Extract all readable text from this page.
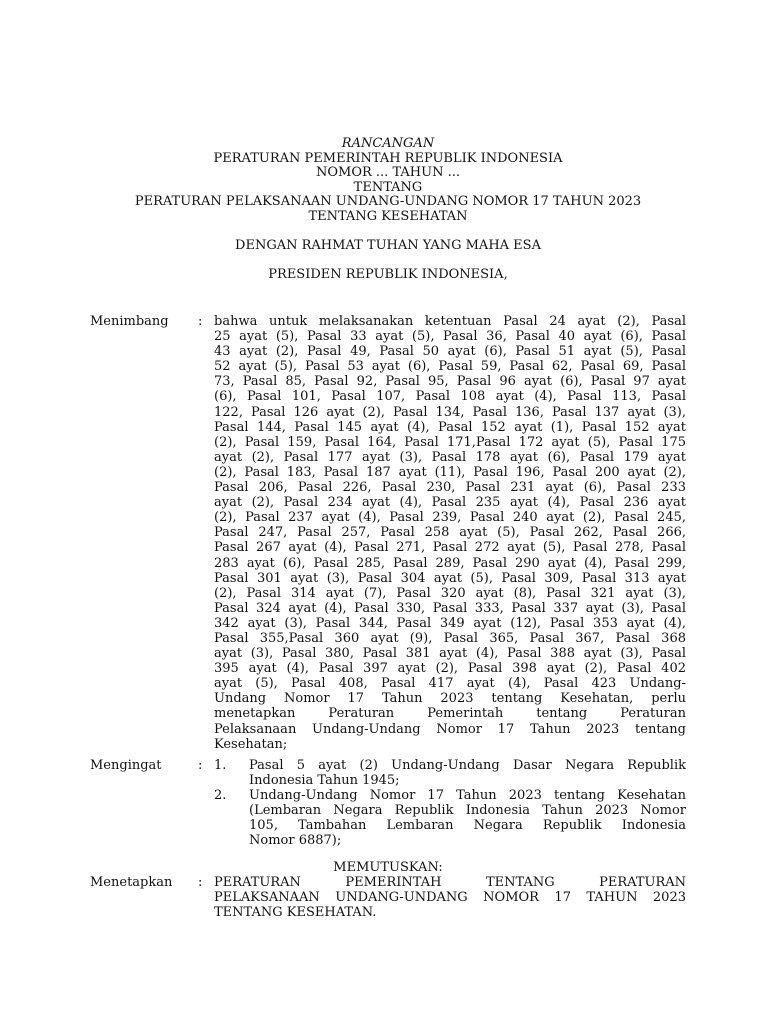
RANCANGAN
PERATURAN PEMERINTAH REPUBLIK INDONESIA
NOMOR ... TAHUN ...
TENTANG
PERATURAN PELAKSANAAN UNDANG-UNDANG NOMOR 17 TAHUN 2023
TENTANG KESEHATAN
DENGAN RAHMAT TUHAN YANG MAHA ESA
PRESIDEN REPUBLIK INDONESIA,
Menimbang : bahwa untuk melaksanakan ketentuan Pasal 24 ayat (2), Pasal
25 ayat (5), Pasal 33 ayat (5), Pasal 36, Pasal 40 ayat (6), Pasal
43 ayat (2), Pasal 49, Pasal 50 ayat (6), Pasal 51 ayat (5), Pasal
52 ayat (5), Pasal 53 ayat (6), Pasal 59, Pasal 62, Pasal 69, Pasal
73, Pasal 85, Pasal 92, Pasal 95, Pasal 96 ayat (6), Pasal 97 ayat
(6), Pasal 101, Pasal 107, Pasal 108 ayat (4), Pasal 113, Pasal
122, Pasal 126 ayat (2), Pasal 134, Pasal 136, Pasal 137 ayat (3),
Pasal 144, Pasal 145 ayat (4), Pasal 152 ayat (1), Pasal 152 ayat
(2), Pasal 159, Pasal 164, Pasal 171,Pasal 172 ayat (5), Pasal 175
ayat (2), Pasal 177 ayat (3), Pasal 178 ayat (6), Pasal 179 ayat
(2), Pasal 183, Pasal 187 ayat (11), Pasal 196, Pasal 200 ayat (2),
Pasal 206, Pasal 226, Pasal 230, Pasal 231 ayat (6), Pasal 233
ayat (2), Pasal 234 ayat (4), Pasal 235 ayat (4), Pasal 236 ayat
(2), Pasal 237 ayat (4), Pasal 239, Pasal 240 ayat (2), Pasal 245,
Pasal 247, Pasal 257, Pasal 258 ayat (5), Pasal 262, Pasal 266,
Pasal 267 ayat (4), Pasal 271, Pasal 272 ayat (5), Pasal 278, Pasal
283 ayat (6), Pasal 285, Pasal 289, Pasal 290 ayat (4), Pasal 299,
Pasal 301 ayat (3), Pasal 304 ayat (5), Pasal 309, Pasal 313 ayat
(2), Pasal 314 ayat (7), Pasal 320 ayat (8), Pasal 321 ayat (3),
Pasal 324 ayat (4), Pasal 330, Pasal 333, Pasal 337 ayat (3), Pasal
342 ayat (3), Pasal 344, Pasal 349 ayat (12), Pasal 353 ayat (4),
Pasal 355,Pasal 360 ayat (9), Pasal 365, Pasal 367, Pasal 368
ayat (3), Pasal 380, Pasal 381 ayat (4), Pasal 388 ayat (3), Pasal
395 ayat (4), Pasal 397 ayat (2), Pasal 398 ayat (2), Pasal 402
ayat (5), Pasal 408, Pasal 417 ayat (4), Pasal 423 Undang-
Undang Nomor 17 Tahun 2023 tentang Kesehatan, perlu
menetapkan Peraturan Pemerintah tentang Peraturan
Pelaksanaan Undang-Undang Nomor 17 Tahun 2023 tentang
Kesehatan;
Mengingat	: 1. Pasal 5 ayat (2) Undang-Undang Dasar Negara Republik
Indonesia Tahun 1945;
2. Undang-Undang Nomor 17 Tahun 2023 tentang Kesehatan
(Lembaran Negara Republik Indonesia Tahun 2023 Nomor
105, Tambahan Lembaran Negara Republik Indonesia
Nomor 6887);
MEMUTUSKAN:
Menetapkan : PERATURAN PEMERINTAH TENTANG PERATURAN
PELAKSANAAN UNDANG-UNDANG NOMOR 17 TAHUN 2023
TENTANG KESEHATAN.
